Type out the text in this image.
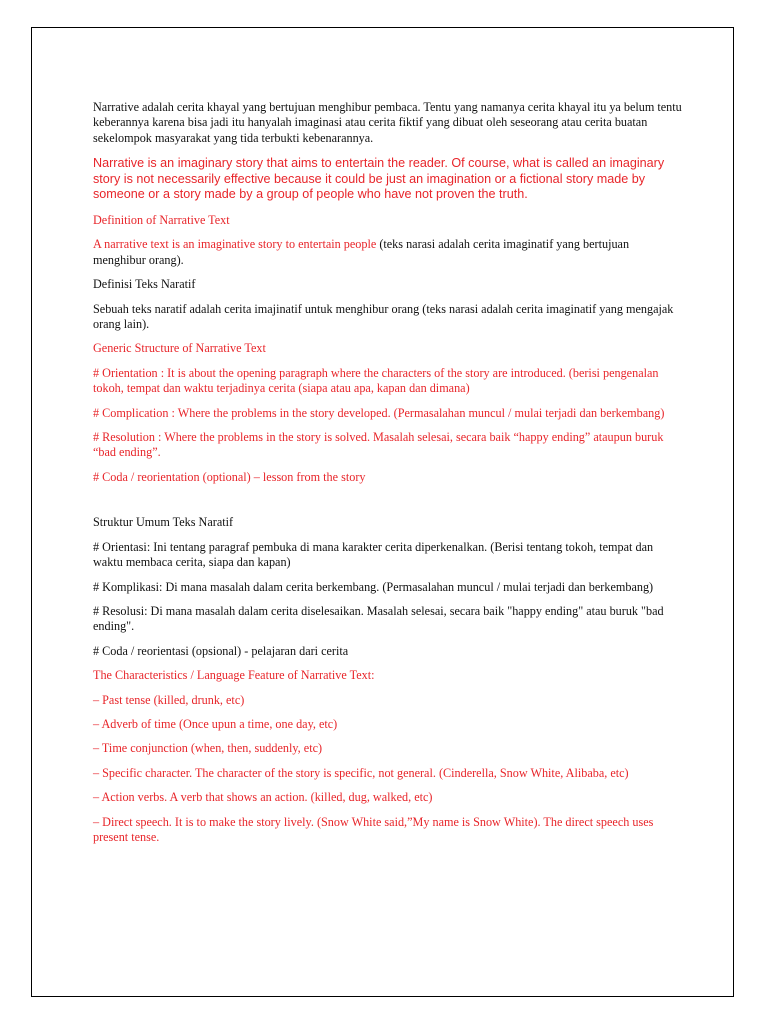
Narrative adalah cerita khayal yang bertujuan menghibur pembaca. Tentu yang namanya cerita khayal itu ya belum tentu keberannya karena bisa jadi itu hanyalah imaginasi atau cerita fiktif yang dibuat oleh seseorang atau cerita buatan sekelompok masyarakat yang tida terbukti kebenarannya.

Narrative is an imaginary story that aims to entertain the reader. Of course, what is called an imaginary story is not necessarily effective because it could be just an imagination or a fictional story made by someone or a story made by a group of people who have not proven the truth.

Definition of Narrative Text

A narrative text is an imaginative story to entertain people (teks narasi adalah cerita imaginatif yang bertujuan menghibur orang).

Definisi Teks Naratif

Sebuah teks naratif adalah cerita imajinatif untuk menghibur orang (teks narasi adalah cerita imaginatif yang mengajak orang lain).

Generic Structure of Narrative Text

# Orientation : It is about the opening paragraph where the characters of the story are introduced. (berisi pengenalan tokoh, tempat dan waktu terjadinya cerita (siapa atau apa, kapan dan dimana)

# Complication : Where the problems in the story developed. (Permasalahan muncul / mulai terjadi dan berkembang)

# Resolution : Where the problems in the story is solved. Masalah selesai, secara baik “happy ending” ataupun buruk “bad ending”.

# Coda / reorientation (optional) – lesson from the story

Struktur Umum Teks Naratif

# Orientasi: Ini tentang paragraf pembuka di mana karakter cerita diperkenalkan. (Berisi tentang tokoh, tempat dan waktu membaca cerita, siapa dan kapan)

# Komplikasi: Di mana masalah dalam cerita berkembang. (Permasalahan muncul / mulai terjadi dan berkembang)

# Resolusi: Di mana masalah dalam cerita diselesaikan. Masalah selesai, secara baik "happy ending" atau buruk "bad ending".

# Coda / reorientasi (opsional) - pelajaran dari cerita

The Characteristics / Language Feature of Narrative Text:

– Past tense (killed, drunk, etc)

– Adverb of time (Once upun a time, one day, etc)

– Time conjunction (when, then, suddenly, etc)

– Specific character. The character of the story is specific, not general. (Cinderella, Snow White, Alibaba, etc)

– Action verbs. A verb that shows an action. (killed, dug, walked, etc)

– Direct speech. It is to make the story lively. (Snow White said,”My name is Snow White). The direct speech uses present tense.
